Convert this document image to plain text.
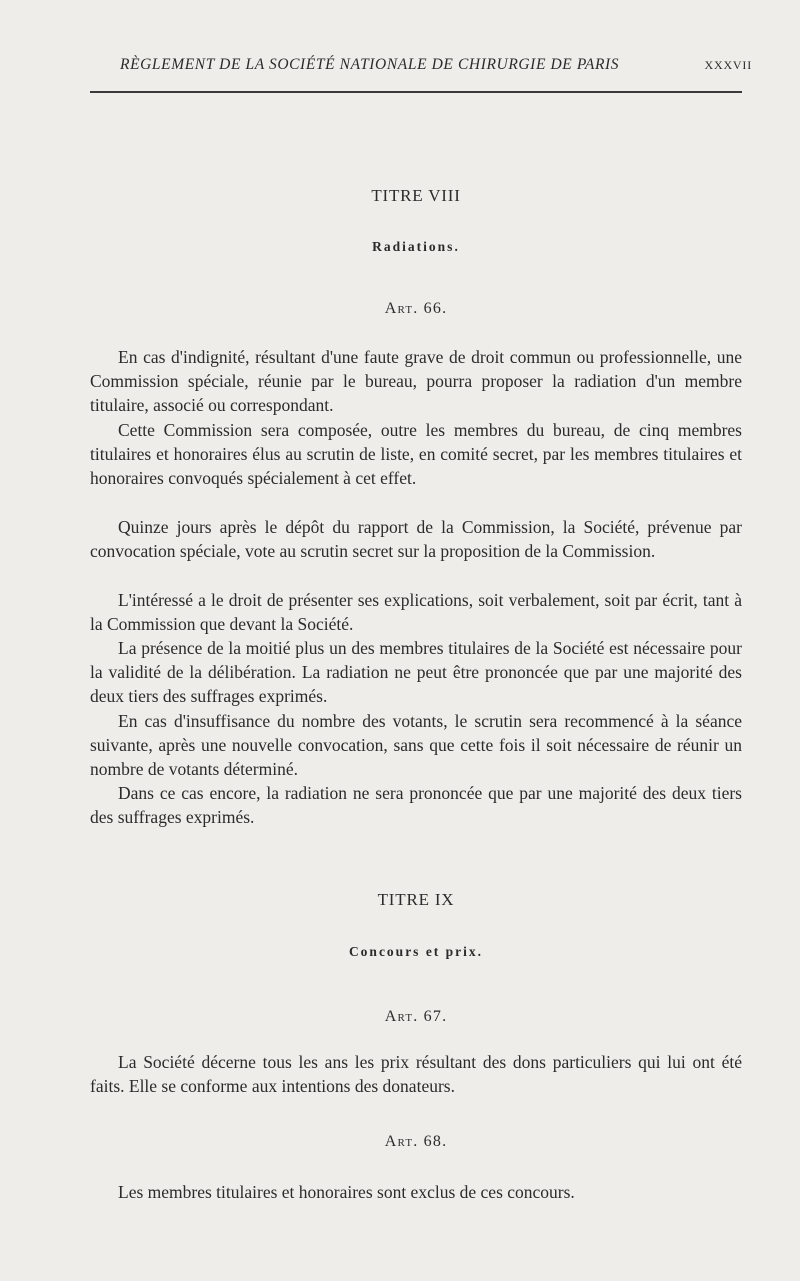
RÈGLEMENT DE LA SOCIÉTÉ NATIONALE DE CHIRURGIE DE PARIS	XXXVII
TITRE VIII
Radiations.
Art. 66.

En cas d'indignité, résultant d'une faute grave de droit commun ou professionnelle, une Commission spéciale, réunie par le bureau, pourra proposer la radiation d'un membre titulaire, associé ou correspondant.

Cette Commission sera composée, outre les membres du bureau, de cinq membres titulaires et honoraires élus au scrutin de liste, en comité secret, par les membres titulaires et honoraires convoqués spécialement à cet effet.

Quinze jours après le dépôt du rapport de la Commission, la Société, prévenue par convocation spéciale, vote au scrutin secret sur la proposition de la Commission.

L'intéressé a le droit de présenter ses explications, soit verbalement, soit par écrit, tant à la Commission que devant la Société.

La présence de la moitié plus un des membres titulaires de la Société est nécessaire pour la validité de la délibération. La radiation ne peut être prononcée que par une majorité des deux tiers des suffrages exprimés.

En cas d'insuffisance du nombre des votants, le scrutin sera recommencé à la séance suivante, après une nouvelle convocation, sans que cette fois il soit nécessaire de réunir un nombre de votants déterminé.

Dans ce cas encore, la radiation ne sera prononcée que par une majorité des deux tiers des suffrages exprimés.

TITRE IX
Concours et prix.
Art. 67.

La Société décerne tous les ans les prix résultant des dons particuliers qui lui ont été faits. Elle se conforme aux intentions des donateurs.

Art. 68.

Les membres titulaires et honoraires sont exclus de ces concours.
